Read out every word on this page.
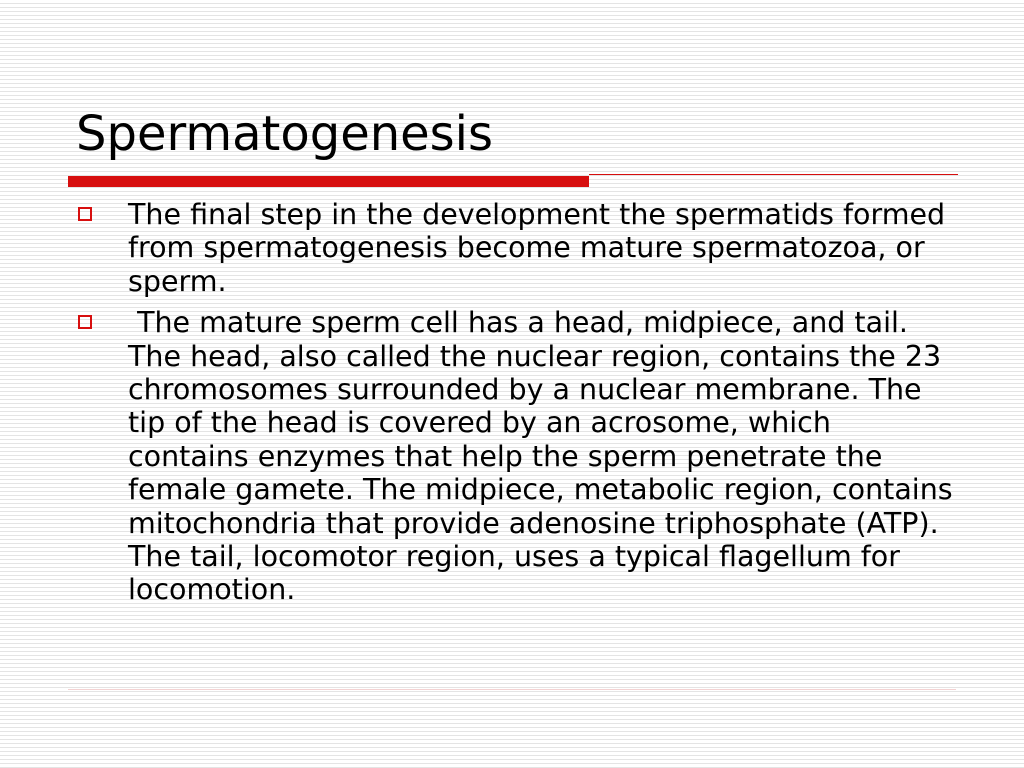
Spermatogenesis
The final step in the development the spermatids formed from spermatogenesis become mature spermatozoa, or sperm.
The mature sperm cell has a head, midpiece, and tail. The head, also called the nuclear region, contains the 23 chromosomes surrounded by a nuclear membrane. The tip of the head is covered by an acrosome, which contains enzymes that help the sperm penetrate the female gamete. The midpiece, metabolic region, contains mitochondria that provide adenosine triphosphate (ATP). The tail, locomotor region, uses a typical flagellum for locomotion.
